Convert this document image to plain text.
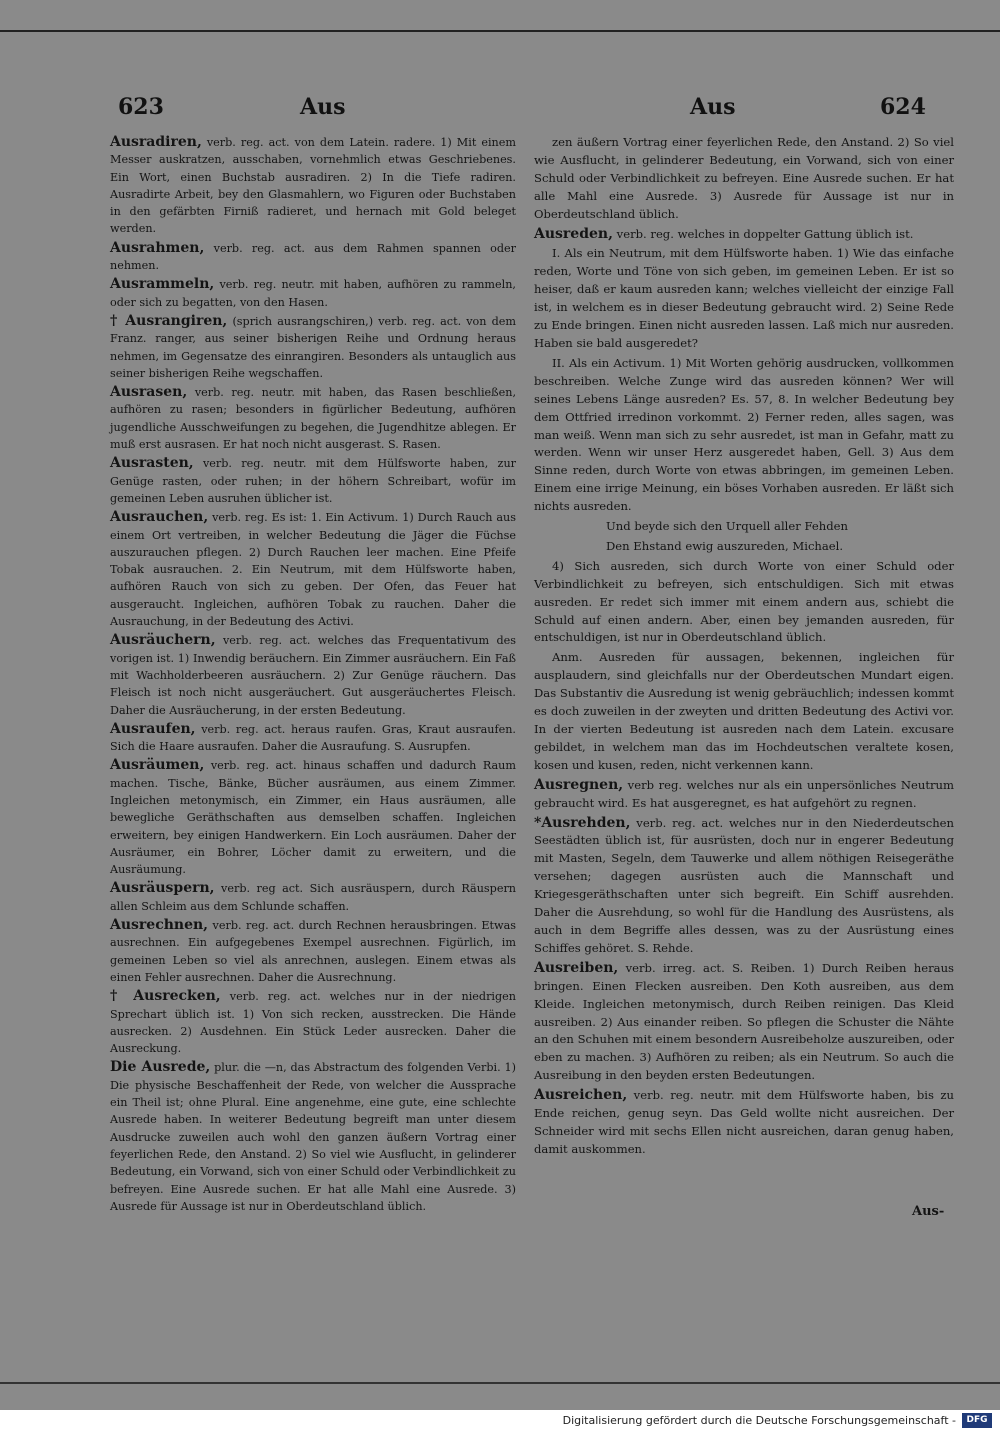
623	Aus	Aus	624
Ausradiren, verb. reg. act. von dem Latein. radere. 1) Mit einem Messer auskratzen, ausschaben, vornehmlich etwas Geschriebenes. Ein Wort, einen Buchstab ausradiren. 2) In die Tiefe radiren. Ausradirte Arbeit, bey den Glasmahlern, wo Figuren oder Buchstaben in den gefärbten Firniß radieret, und hernach mit Gold beleget werden.
Ausrahmen, verb. reg. act. aus dem Rahmen spannen oder nehmen.
Ausrammeln, verb. reg. neutr. mit haben, aufhören zu rammeln, oder sich zu begatten, von den Hasen.
† Ausrangiren, (sprich ausrangschiren,) verb. reg. act. von dem Franz. ranger, aus seiner bisherigen Reihe und Ordnung heraus nehmen, im Gegensatze des einrangiren. Besonders als untauglich aus seiner bisherigen Reihe wegschaffen.
Ausrasen, verb. reg. neutr. mit haben, das Rasen beschließen, aufhören zu rasen; besonders in figürlicher Bedeutung, aufhören jugendliche Ausschweifungen zu begehen, die Jugendhitze ablegen. Er muß erst ausrasen. Er hat noch nicht ausgerast. S. Rasen.
Ausrasten, verb. reg. neutr. mit dem Hülfsworte haben, zur Genüge rasten, oder ruhen; in der höhern Schreibart, wofür im gemeinen Leben ausruhen üblicher ist.
Ausrauchen, verb. reg. Es ist: 1. Ein Activum. 1) Durch Rauch aus einem Ort vertreiben, in welcher Bedeutung die Jäger die Füchse auszurauchen pflegen. 2) Durch Rauchen leer machen. Eine Pfeife Tobak ausrauchen. 2. Ein Neutrum, mit dem Hülfsworte haben, aufhören Rauch von sich zu geben. Der Ofen, das Feuer hat ausgeraucht. Ingleichen, aufhören Tobak zu rauchen. Daher die Ausrauchung, in der Bedeutung des Activi.
Ausräuchern, verb. reg. act. welches das Frequentativum des vorigen ist. 1) Inwendig beräuchern. Ein Zimmer ausräuchern. Ein Faß mit Wachholderbeeren ausräuchern. 2) Zur Genüge räuchern. Das Fleisch ist noch nicht ausgeräuchert. Gut ausgeräuchertes Fleisch. Daher die Ausräucherung, in der ersten Bedeutung.
Ausraufen, verb. reg. act. heraus raufen. Gras, Kraut ausraufen. Sich die Haare ausraufen. Daher die Ausraufung. S. Ausrupfen.
Ausräumen, verb. reg. act. hinaus schaffen und dadurch Raum machen. Tische, Bänke, Bücher ausräumen, aus einem Zimmer. Ingleichen metonymisch, ein Zimmer, ein Haus ausräumen, alle bewegliche Geräthschaften aus demselben schaffen. Ingleichen erweitern, bey einigen Handwerkern. Ein Loch ausräumen. Daher der Ausräumer, ein Bohrer, Löcher damit zu erweitern, und die Ausräumung.
Ausräuspern, verb. reg act. Sich ausräuspern, durch Räuspern allen Schleim aus dem Schlunde schaffen.
Ausrechnen, verb. reg. act. durch Rechnen herausbringen. Etwas ausrechnen. Ein aufgegebenes Exempel ausrechnen. Figürlich, im gemeinen Leben so viel als anrechnen, auslegen. Einem etwas als einen Fehler ausrechnen. Daher die Ausrechnung.
† Ausrecken, verb. reg. act. welches nur in der niedrigen Sprechart üblich ist. 1) Von sich recken, ausstrecken. Die Hände ausrecken. 2) Ausdehnen. Ein Stück Leder ausrecken. Daher die Ausreckung.
Die Ausrede, plur. die —n, das Abstractum des folgenden Verbi. 1) Die physische Beschaffenheit der Rede, von welcher die Aussprache ein Theil ist; ohne Plural. Eine angenehme, eine gute, eine schlechte Ausrede haben. In weiterer Bedeutung begreift man unter diesem Ausdrucke zuweilen auch wohl den ganzen äußern Vortrag einer feyerlichen Rede, den Anstand. 2) So viel wie Ausflucht, in gelinderer Bedeutung, ein Vorwand, sich von einer Schuld oder Verbindlichkeit zu befreyen. Eine Ausrede suchen. Er hat alle Mahl eine Ausrede. 3) Ausrede für Aussage ist nur in Oberdeutschland üblich.
zen äußern Vortrag einer feyerlichen Rede, den Anstand. 2) So viel wie Ausflucht, in gelinderer Bedeutung, ein Vorwand, sich von einer Schuld oder Verbindlichkeit zu befreyen. Eine Ausrede suchen. Er hat alle Mahl eine Ausrede. 3) Ausrede für Aussage ist nur in Oberdeutschland üblich.
Ausreden, verb. reg. welches in doppelter Gattung üblich ist.
I. Als ein Neutrum, mit dem Hülfsworte haben. 1) Wie das einfache reden, Worte und Töne von sich geben, im gemeinen Leben. Er ist so heiser, daß er kaum ausreden kann; welches vielleicht der einzige Fall ist, in welchem es in dieser Bedeutung gebraucht wird. 2) Seine Rede zu Ende bringen. Einen nicht ausreden lassen. Laß mich nur ausreden. Haben sie bald ausgeredet?
II. Als ein Activum. 1) Mit Worten gehörig ausdrucken, vollkommen beschreiben. Welche Zunge wird das ausreden können? Wer will seines Lebens Länge ausreden? Es. 57, 8. In welcher Bedeutung bey dem Ottfried irredinon vorkommt. 2) Ferner reden, alles sagen, was man weiß. Wenn man sich zu sehr ausredet, ist man in Gefahr, matt zu werden. Wenn wir unser Herz ausgeredet haben, Gell. 3) Aus dem Sinne reden, durch Worte von etwas abbringen, im gemeinen Leben. Einem eine irrige Meinung, ein böses Vorhaben ausreden. Er läßt sich nichts ausreden.
Und beyde sich den Urquell aller Fehden
Den Ehstand ewig auszureden, Michael.
4) Sich ausreden, sich durch Worte von einer Schuld oder Verbindlichkeit zu befreyen, sich entschuldigen. Sich mit etwas ausreden. Er redet sich immer mit einem andern aus, schiebt die Schuld auf einen andern. Aber, einen bey jemanden ausreden, für entschuldigen, ist nur in Oberdeutschland üblich.
Anm. Ausreden für aussagen, bekennen, ingleichen für ausplaudern, sind gleichfalls nur der Oberdeutschen Mundart eigen. Das Substantiv die Ausredung ist wenig gebräuchlich; indessen kommt es doch zuweilen in der zweyten und dritten Bedeutung des Activi vor. In der vierten Bedeutung ist ausreden nach dem Latein. excusare gebildet, in welchem man das im Hochdeutschen veraltete kosen, kosen und kusen, reden, nicht verkennen kann.
Ausregnen, verb reg. welches nur als ein unpersönliches Neutrum gebraucht wird. Es hat ausgeregnet, es hat aufgehört zu regnen.
*Ausrehden, verb. reg. act. welches nur in den Niederdeutschen Seestädten üblich ist, für ausrüsten, doch nur in engerer Bedeutung mit Masten, Segeln, dem Tauwerke und allem nöthigen Reisegeräthe versehen; dagegen ausrüsten auch die Mannschaft und Kriegesgeräthschaften unter sich begreift. Ein Schiff ausrehden. Daher die Ausrehdung, so wohl für die Handlung des Ausrüstens, als auch in dem Begriffe alles dessen, was zu der Ausrüstung eines Schiffes gehöret. S. Rehde.
Ausreiben, verb. irreg. act. S. Reiben. 1) Durch Reiben heraus bringen. Einen Flecken ausreiben. Den Koth ausreiben, aus dem Kleide. Ingleichen metonymisch, durch Reiben reinigen. Das Kleid ausreiben. 2) Aus einander reiben. So pflegen die Schuster die Nähte an den Schuhen mit einem besondern Ausreibeholze auszureiben, oder eben zu machen. 3) Aufhören zu reiben; als ein Neutrum. So auch die Ausreibung in den beyden ersten Bedeutungen.
Ausreichen, verb. reg. neutr. mit dem Hülfsworte haben, bis zu Ende reichen, genug seyn. Das Geld wollte nicht ausreichen. Der Schneider wird mit sechs Ellen nicht ausreichen, daran genug haben, damit auskommen.
Aus-
Digitalisierung gefördert durch die Deutsche Forschungsgemeinschaft -	DFG
